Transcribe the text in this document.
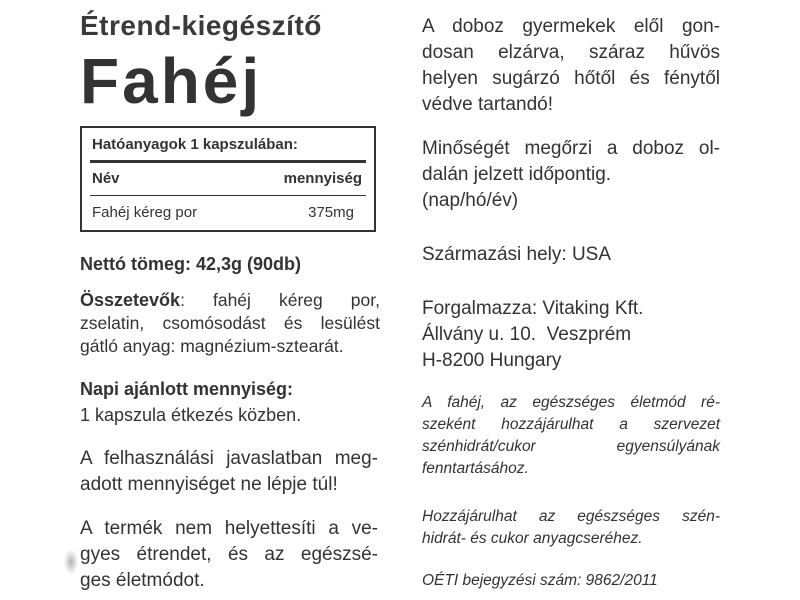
Étrend-kiegészítő
Fahéj
Hatóanyagok 1 kapszulában:
Név	mennyiség
Fahéj kéreg por	375mg
Nettó tömeg: 42,3g (90db)
Összetevők: fahéj kéreg por,
zselatin, csomósodást és lesülést
gátló anyag: magnézium-sztearát.
Napi ajánlott mennyiség:
1 kapszula étkezés közben.
A felhasználási javaslatban meg-
adott mennyiséget ne lépje túl!
A termék nem helyettesíti a ve-
gyes étrendet, és az egészsé-
ges életmódot.
A doboz gyermekek elől gon-
dosan elzárva, száraz hűvös
helyen sugárzó hőtől és fénytől
védve tartandó!
Minőségét megőrzi a doboz ol-
dalán jelzett időpontig.
(nap/hó/év)
Származási hely: USA
Forgalmazza: Vitaking Kft.
Állvány u. 10.  Veszprém
H-8200 Hungary
A fahéj, az egészséges életmód ré-
szeként hozzájárulhat a szervezet
szénhidrát/cukor egyensúlyának
fenntartásához.
Hozzájárulhat az egészséges szén-
hidrát- és cukor anyagcseréhez.
OÉTI bejegyzési szám: 9862/2011
